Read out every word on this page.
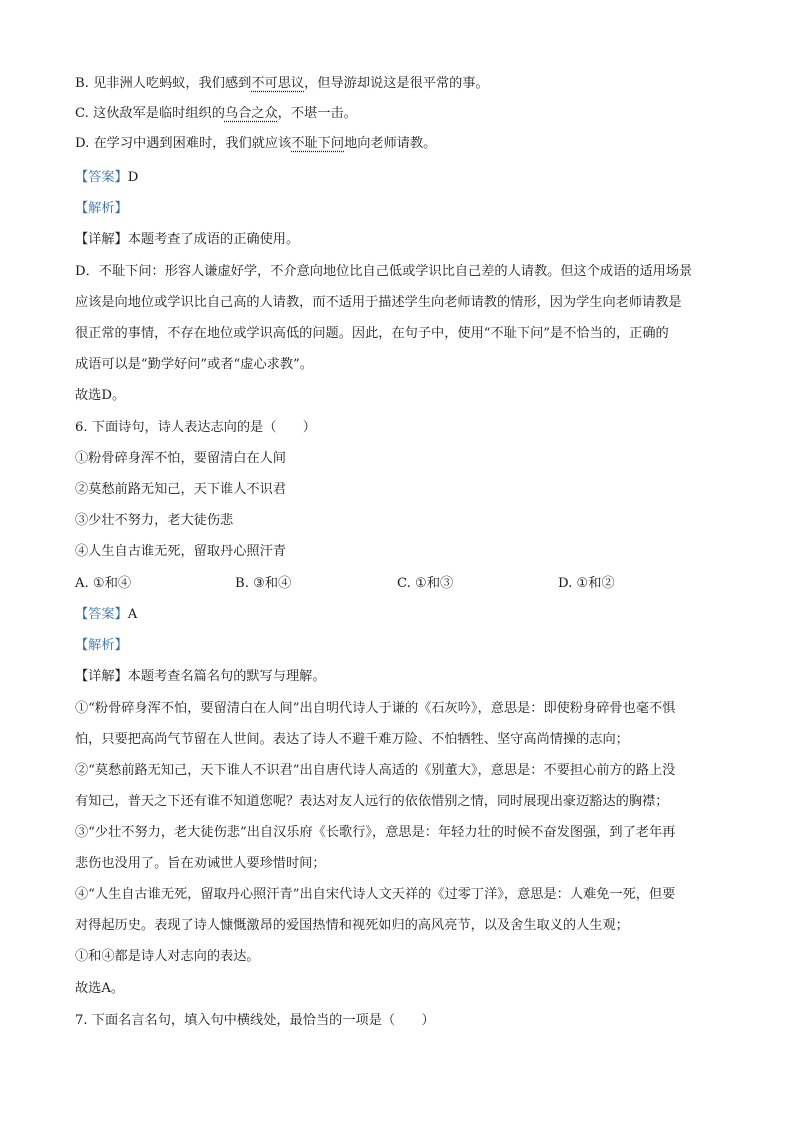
B. 见非洲人吃蚂蚁，我们感到不可思议，但导游却说这是很平常的事。
C. 这伙敌军是临时组织的乌合之众，不堪一击。
D. 在学习中遇到困难时，我们就应该不耻下问地向老师请教。
【答案】D
【解析】
【详解】本题考查了成语的正确使用。
D．不耻下问：形容人谦虚好学，不介意向地位比自己低或学识比自己差的人请教。但这个成语的适用场景
应该是向地位或学识比自己高的人请教，而不适用于描述学生向老师请教的情形，因为学生向老师请教是
很正常的事情，不存在地位或学识高低的问题。因此，在句子中，使用“不耻下问”是不恰当的，正确的
成语可以是“勤学好问”或者“虚心求教”。
故选D。
6. 下面诗句，诗人表达志向的是（　　）
①粉骨碎身浑不怕，要留清白在人间
②莫愁前路无知己，天下谁人不识君
③少壮不努力，老大徒伤悲
④人生自古谁无死，留取丹心照汗青
A. ①和④	B. ③和④	C. ①和③	D. ①和②
【答案】A
【解析】
【详解】本题考查名篇名句的默写与理解。
①“粉骨碎身浑不怕，要留清白在人间”出自明代诗人于谦的《石灰吟》，意思是：即使粉身碎骨也毫不惧
怕，只要把高尚气节留在人世间。表达了诗人不避千难万险、不怕牺牲、坚守高尚情操的志向；
②“莫愁前路无知己，天下谁人不识君”出自唐代诗人高适的《别董大》，意思是：不要担心前方的路上没
有知己，普天之下还有谁不知道您呢？表达对友人远行的依依惜别之情，同时展现出豪迈豁达的胸襟；
③“少壮不努力，老大徒伤悲”出自汉乐府《长歌行》，意思是：年轻力壮的时候不奋发图强，到了老年再
悲伤也没用了。旨在劝诫世人要珍惜时间；
④“人生自古谁无死，留取丹心照汗青”出自宋代诗人文天祥的《过零丁洋》，意思是：人难免一死，但要
对得起历史。表现了诗人慷慨激昂的爱国热情和视死如归的高风亮节，以及舍生取义的人生观；
①和④都是诗人对志向的表达。
故选A。
7. 下面名言名句，填入句中横线处，最恰当的一项是（　　）
